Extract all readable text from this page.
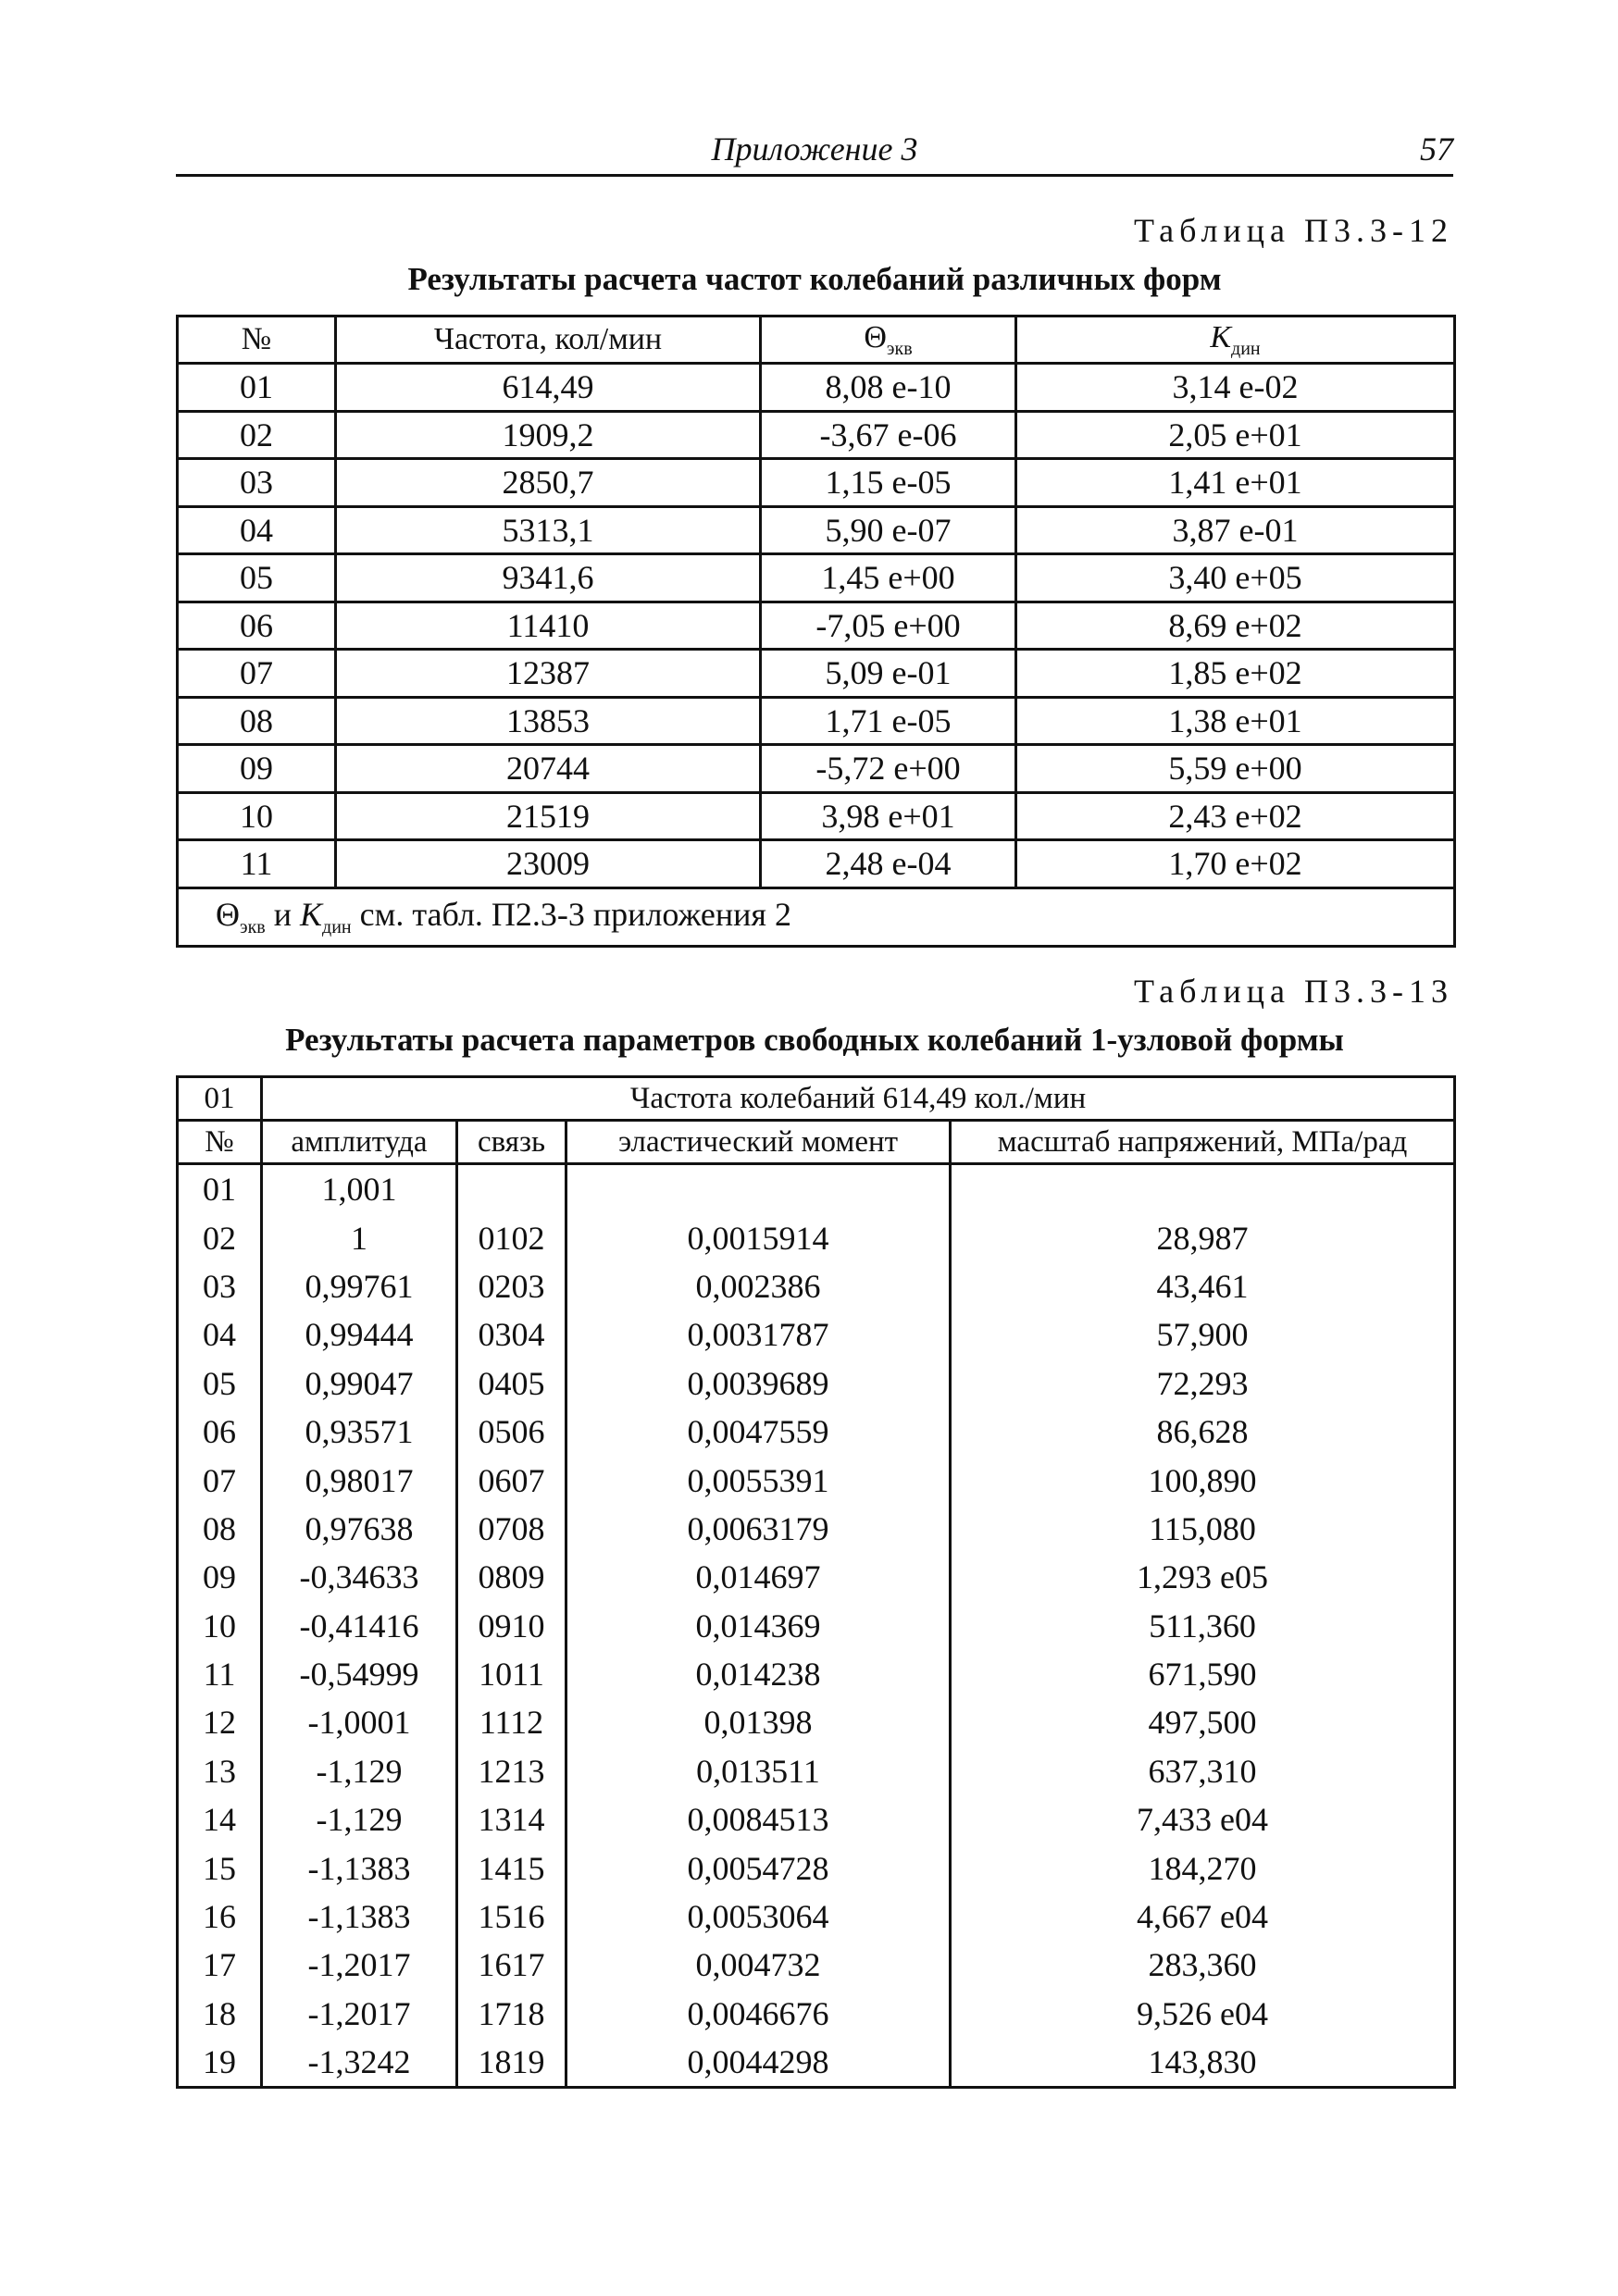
Приложение 3	57
Таблица П3.3-12
Результаты расчета частот колебаний различных форм
№	Частота, кол/мин	$\Theta_{экв}$	$K_{дин}$
01	614,49	8,08 е-10	3,14 е-02
02	1909,2	-3,67 е-06	2,05 е+01
03	2850,7	1,15 е-05	1,41 е+01
04	5313,1	5,90 е-07	3,87 е-01
05	9341,6	1,45 е+00	3,40 е+05
06	11410	-7,05 е+00	8,69 е+02
07	12387	5,09 е-01	1,85 е+02
08	13853	1,71 е-05	1,38 е+01
09	20744	-5,72 е+00	5,59 е+00
10	21519	3,98 е+01	2,43 е+02
11	23009	2,48 е-04	1,70 е+02
$\Theta_{экв}$ и $K_{дин}$ см. табл. П2.3-3 приложения 2			
Таблица П3.3-13
Результаты расчета параметров свободных колебаний 1-узловой формы
01	Частота колебаний 614,49 кол./мин			
№	амплитуда	связь	эластический момент	масштаб напряжений, МПа/рад
01	1,001			
02	1	0102	0,0015914	28,987
03	0,99761	0203	0,002386	43,461
04	0,99444	0304	0,0031787	57,900
05	0,99047	0405	0,0039689	72,293
06	0,93571	0506	0,0047559	86,628
07	0,98017	0607	0,0055391	100,890
08	0,97638	0708	0,0063179	115,080
09	-0,34633	0809	0,014697	1,293 е05
10	-0,41416	0910	0,014369	511,360
11	-0,54999	1011	0,014238	671,590
12	-1,0001	1112	0,01398	497,500
13	-1,129	1213	0,013511	637,310
14	-1,129	1314	0,0084513	7,433 е04
15	-1,1383	1415	0,0054728	184,270
16	-1,1383	1516	0,0053064	4,667 е04
17	-1,2017	1617	0,004732	283,360
18	-1,2017	1718	0,0046676	9,526 е04
19	-1,3242	1819	0,0044298	143,830
